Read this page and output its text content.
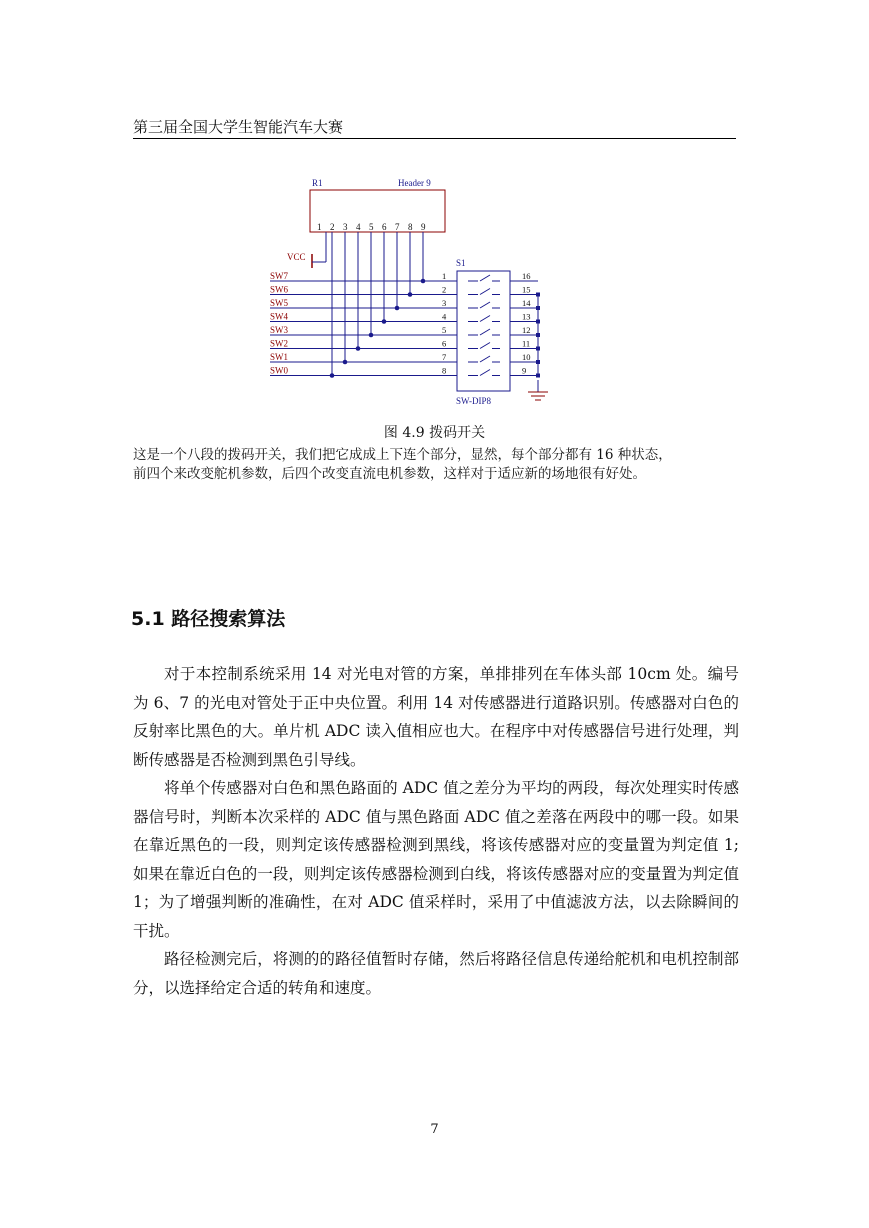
第三届全国大学生智能汽车大赛
R1	Header 9
1 2 3 4 5 6 7 8 9
VCC
SW7	1
SW6	2
SW5	3
SW4	4
SW3	5
SW2	6
SW1	7
SW0	8
S1
SW-DIP8
16
15
14
13
12
11
10
9
图 4.9 拨码开关

这是一个八段的拨码开关，我们把它成成上下连个部分，显然，每个部分都有 16 种状态，

前四个来改变舵机参数，后四个改变直流电机参数，这样对于适应新的场地很有好处。

5.1 路径搜索算法

对于本控制系统采用 14 对光电对管的方案，单排排列在车体头部 10cm 处。编号为 6、7 的光电对管处于正中央位置。利用 14 对传感器进行道路识别。传感器对白色的反射率比黑色的大。单片机 ADC 读入值相应也大。在程序中对传感器信号进行处理，判断传感器是否检测到黑色引导线。

将单个传感器对白色和黑色路面的 ADC 值之差分为平均的两段，每次处理实时传感器信号时，判断本次采样的 ADC 值与黑色路面 ADC 值之差落在两段中的哪一段。如果在靠近黑色的一段，则判定该传感器检测到黑线，将该传感器对应的变量置为判定值 1;如果在靠近白色的一段，则判定该传感器检测到白线，将该传感器对应的变量置为判定值 1；为了增强判断的准确性，在对 ADC 值采样时，采用了中值滤波方法，以去除瞬间的干扰。

路径检测完后，将测的的路径值暂时存储，然后将路径信息传递给舵机和电机控制部分，以选择给定合适的转角和速度。

7
